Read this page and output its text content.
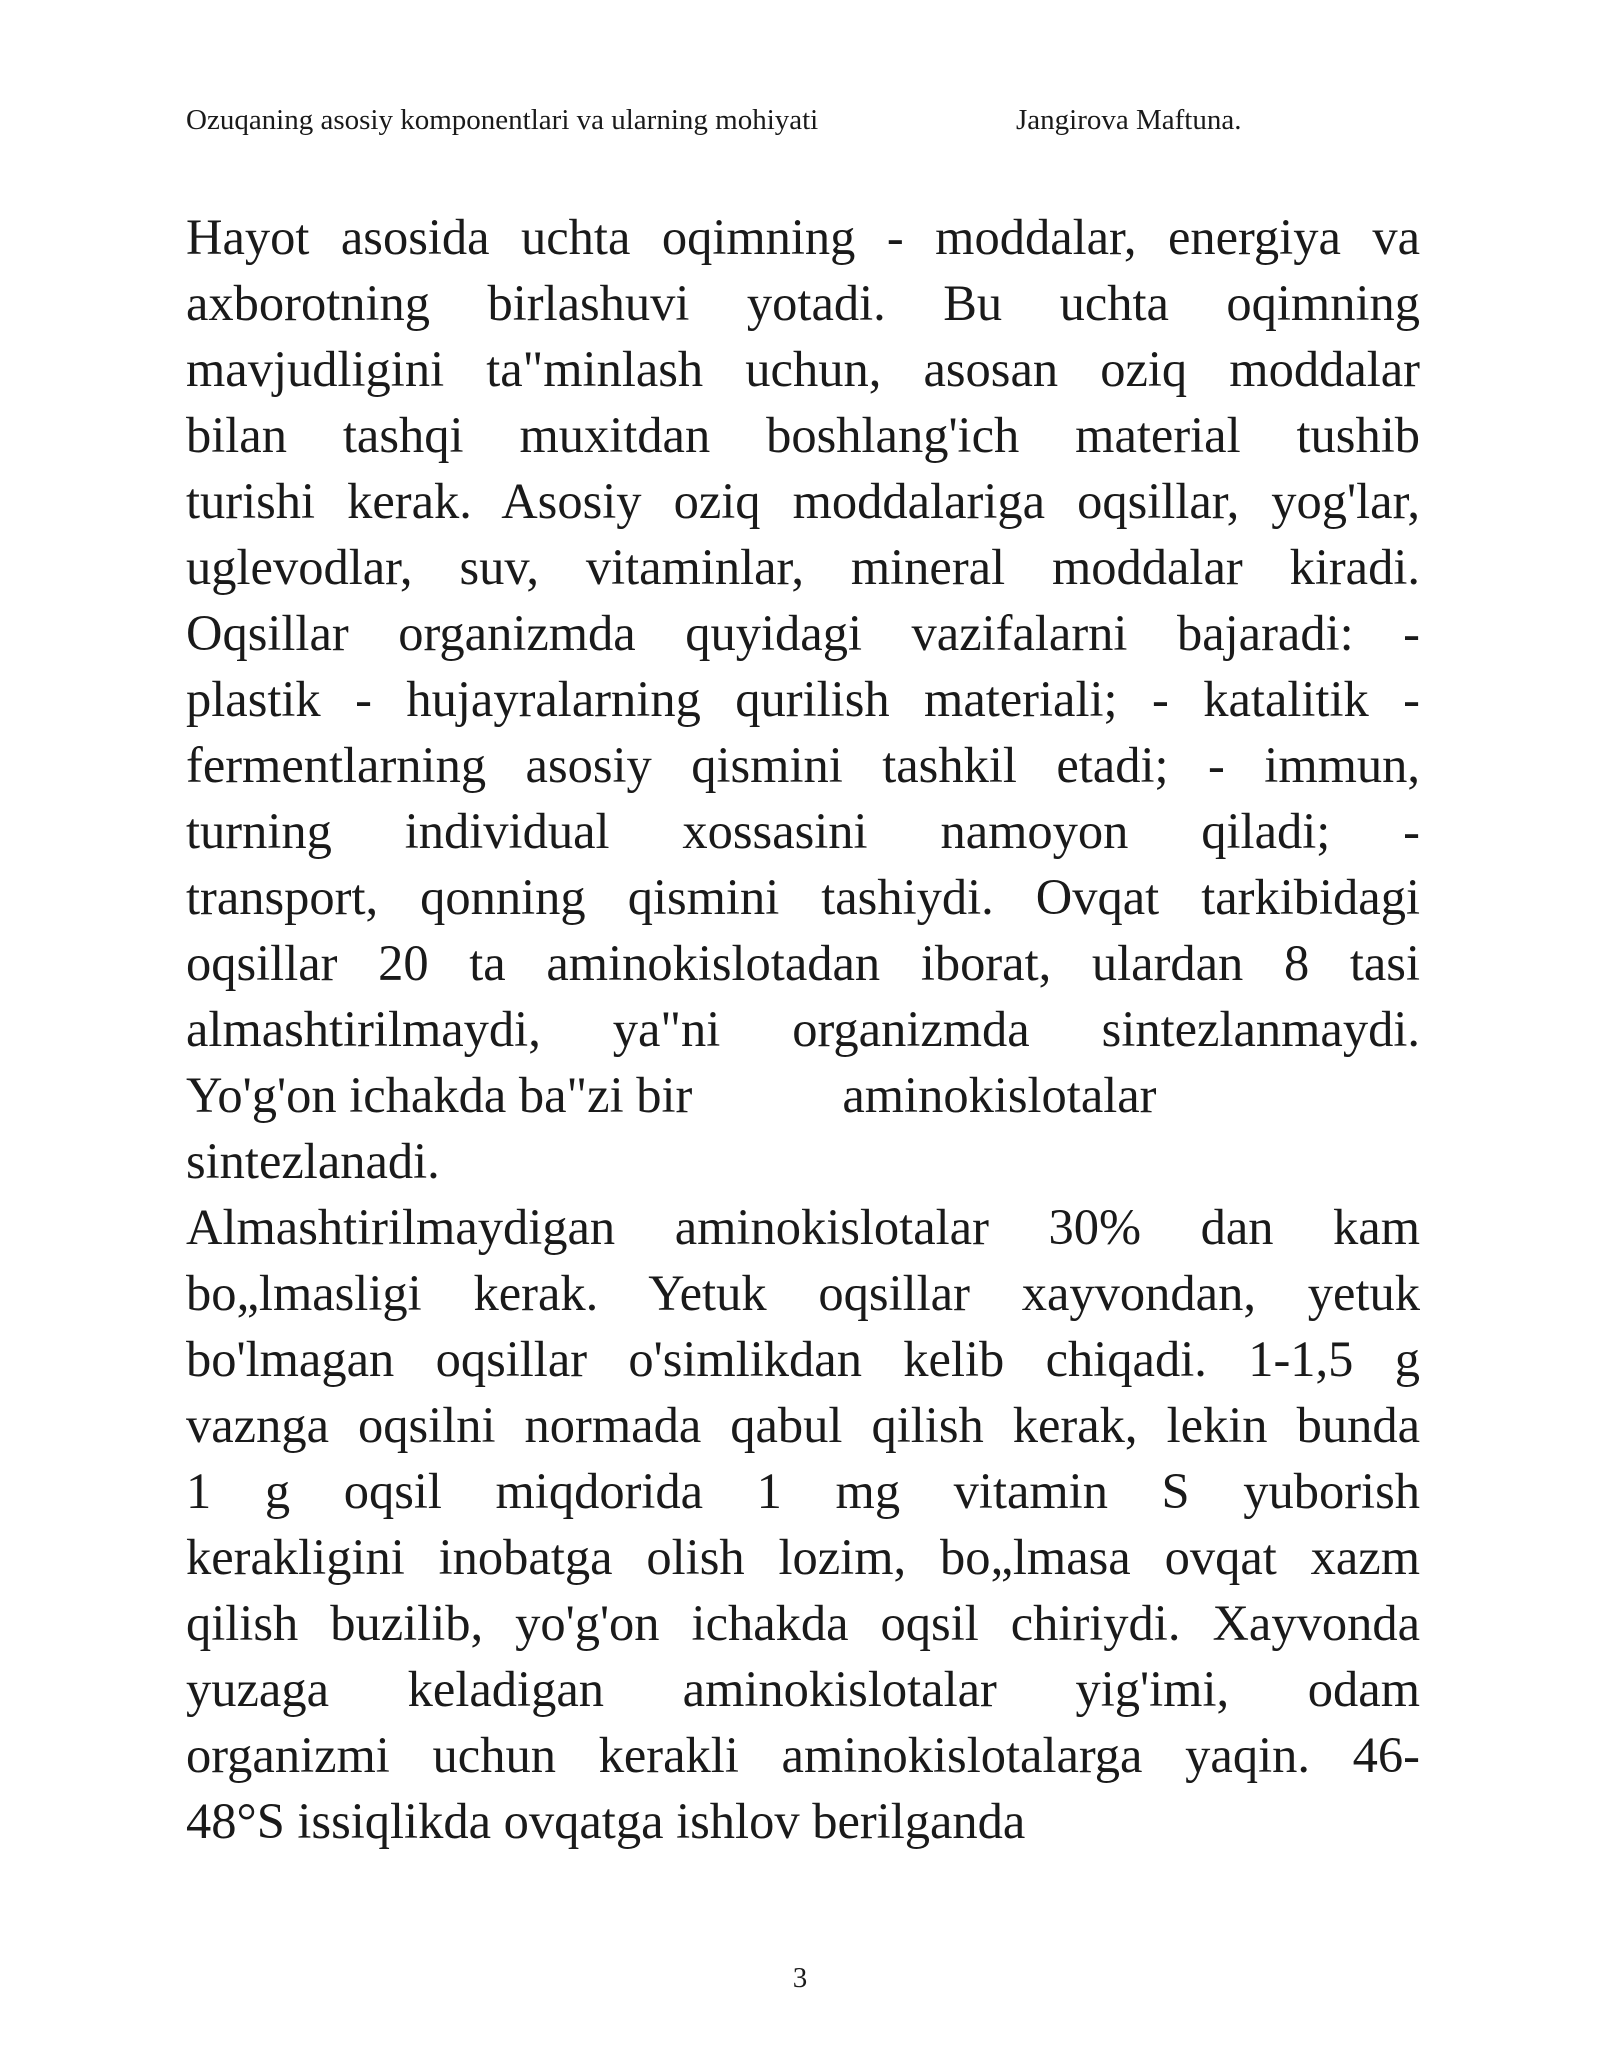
Ozuqaning asosiy komponentlari va ularning mohiyati	Jangirova Maftuna.
Hayot asosida uchta oqimning - moddalar, energiya va
axborotning birlashuvi yotadi. Bu uchta oqimning
mavjudligini ta"minlash uchun, asosan oziq moddalar
bilan tashqi muxitdan boshlang'ich material tushib
turishi kerak. Asosiy oziq moddalariga oqsillar, yog'lar,
uglevodlar, suv, vitaminlar, mineral moddalar kiradi.
Oqsillar organizmda quyidagi vazifalarni bajaradi: -
plastik - hujayralarning qurilish materiali; - katalitik -
fermentlarning asosiy qismini tashkil etadi; - immun,
turning individual xossasini namoyon qiladi; -
transport, qonning qismini tashiydi. Ovqat tarkibidagi
oqsillar 20 ta aminokislotadan iborat, ulardan 8 tasi
almashtirilmaydi, ya"ni organizmda sintezlanmaydi.
Yo'g'on ichakda ba"zi bir	aminokislotalar
sintezlanadi.
Almashtirilmaydigan aminokislotalar 30% dan kam
bo„lmasligi kerak. Yetuk oqsillar xayvondan, yetuk
bo'lmagan oqsillar o'simlikdan kelib chiqadi. 1-1,5 g
vaznga oqsilni normada qabul qilish kerak, lekin bunda
1 g oqsil miqdorida 1 mg vitamin S yuborish
kerakligini inobatga olish lozim, bo„lmasa ovqat xazm
qilish buzilib, yo'g'on ichakda oqsil chiriydi. Xayvonda
yuzaga keladigan aminokislotalar yig'imi, odam
organizmi uchun kerakli aminokislotalarga yaqin. 46-
48°S issiqlikda ovqatga ishlov berilganda
3
